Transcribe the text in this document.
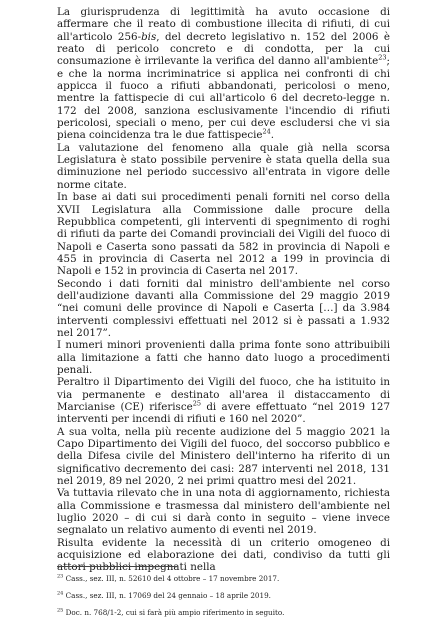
La giurisprudenza di legittimità ha avuto occasione di affermare che il reato di combustione illecita di rifiuti, di cui all'articolo 256-bis, del decreto legislativo n. 152 del 2006 è reato di pericolo concreto e di condotta, per la cui consumazione è irrilevante la verifica del danno all'ambiente$^{23}$; e che la norma incriminatrice si applica nei confronti di chi appicca il fuoco a rifiuti abbandonati, pericolosi o meno, mentre la fattispecie di cui all'articolo 6 del decreto-legge n. 172 del 2008, sanziona esclusivamente l'incendio di rifiuti pericolosi, speciali o meno, per cui deve escludersi che vi sia piena coincidenza tra le due fattispecie$^{24}$.

La valutazione del fenomeno alla quale già nella scorsa Legislatura è stato possibile pervenire è stata quella della sua diminuzione nel periodo successivo all'entrata in vigore delle norme citate.

In base ai dati sui procedimenti penali forniti nel corso della XVII Legislatura alla Commissione dalle procure della Repubblica competenti, gli interventi di spegnimento di roghi di rifiuti da parte dei Comandi provinciali dei Vigili del fuoco di Napoli e Caserta sono passati da 582 in provincia di Napoli e 455 in provincia di Caserta nel 2012 a 199 in provincia di Napoli e 152 in provincia di Caserta nel 2017.

Secondo i dati forniti dal ministro dell'ambiente nel corso dell'audizione davanti alla Commissione del 29 maggio 2019 “nei comuni delle province di Napoli e Caserta […] da 3.984 interventi complessivi effettuati nel 2012 si è passati a 1.932 nel 2017”.

I numeri minori provenienti dalla prima fonte sono attribuibili alla limitazione a fatti che hanno dato luogo a procedimenti penali.

Peraltro il Dipartimento dei Vigili del fuoco, che ha istituito in via permanente e destinato all'area il distaccamento di Marcianise (CE) riferisce$^{25}$ di avere effettuato “nel 2019 127 interventi per incendi di rifiuti e 160 nel 2020”.

A sua volta, nella più recente audizione del 5 maggio 2021 la Capo Dipartimento dei Vigili del fuoco, del soccorso pubblico e della Difesa civile del Ministero dell'interno ha riferito di un significativo decremento dei casi: 287 interventi nel 2018, 131 nel 2019, 89 nel 2020, 2 nei primi quattro mesi del 2021.

Va tuttavia rilevato che in una nota di aggiornamento, richiesta alla Commissione e trasmessa dal ministero dell'ambiente nel luglio 2020 – di cui si darà conto in seguito – viene invece segnalato un relativo aumento di eventi nel 2019.

Risulta evidente la necessità di un criterio omogeneo di acquisizione ed elaborazione dei dati, condiviso da tutti gli attori pubblici impegnati nella

$^{23}$ Cass., sez. III, n. 52610 del 4 ottobre – 17 novembre 2017.

$^{24}$ Cass., sez. III, n. 17069 del 24 gennaio – 18 aprile 2019.

$^{25}$ Doc. n. 768/1-2, cui si farà più ampio riferimento in seguito.
